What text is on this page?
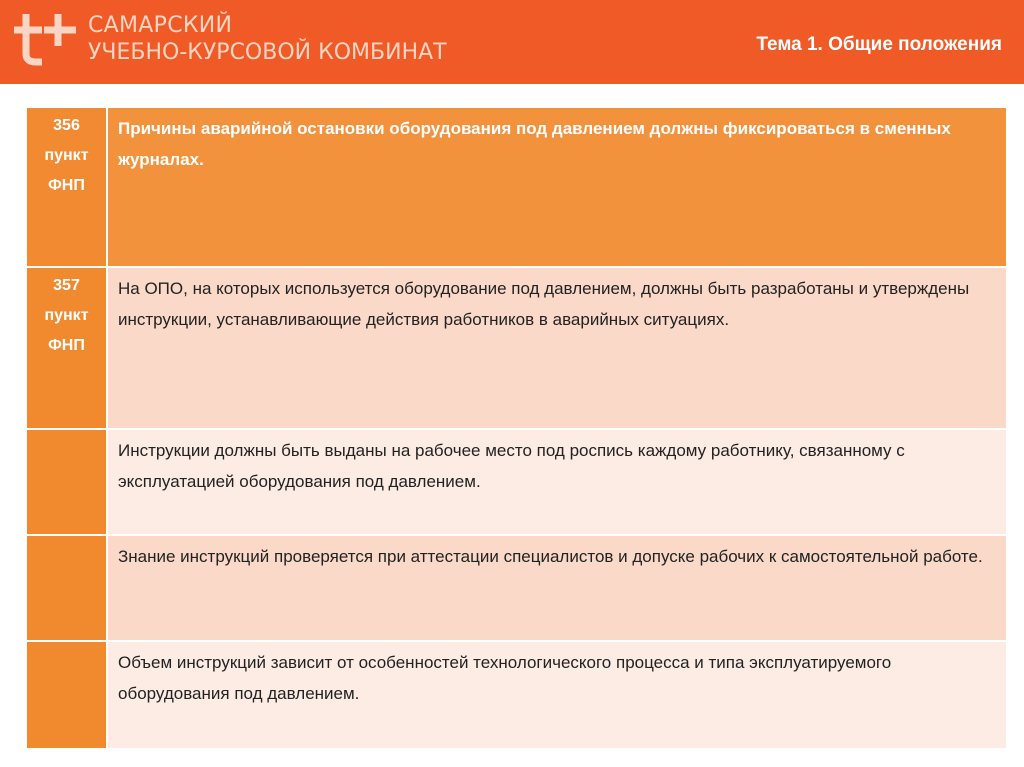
САМАРСКИЙ
УЧЕБНО-КУРСОВОЙ КОМБИНАТ	Тема 1. Общие положения
356
пункт
ФНП
Причины аварийной остановки оборудования под давлением должны фиксироваться в сменных журналах.
357
пункт
ФНП
На ОПО, на которых используется оборудование под давлением, должны быть разработаны и утверждены инструкции, устанавливающие действия работников в аварийных ситуациях.
Инструкции должны быть выданы на рабочее место под роспись каждому работнику, связанному с эксплуатацией оборудования под давлением.
Знание инструкций проверяется при аттестации специалистов и допуске рабочих к самостоятельной работе.
Объем инструкций зависит от особенностей технологического процесса и типа эксплуатируемого оборудования под давлением.
